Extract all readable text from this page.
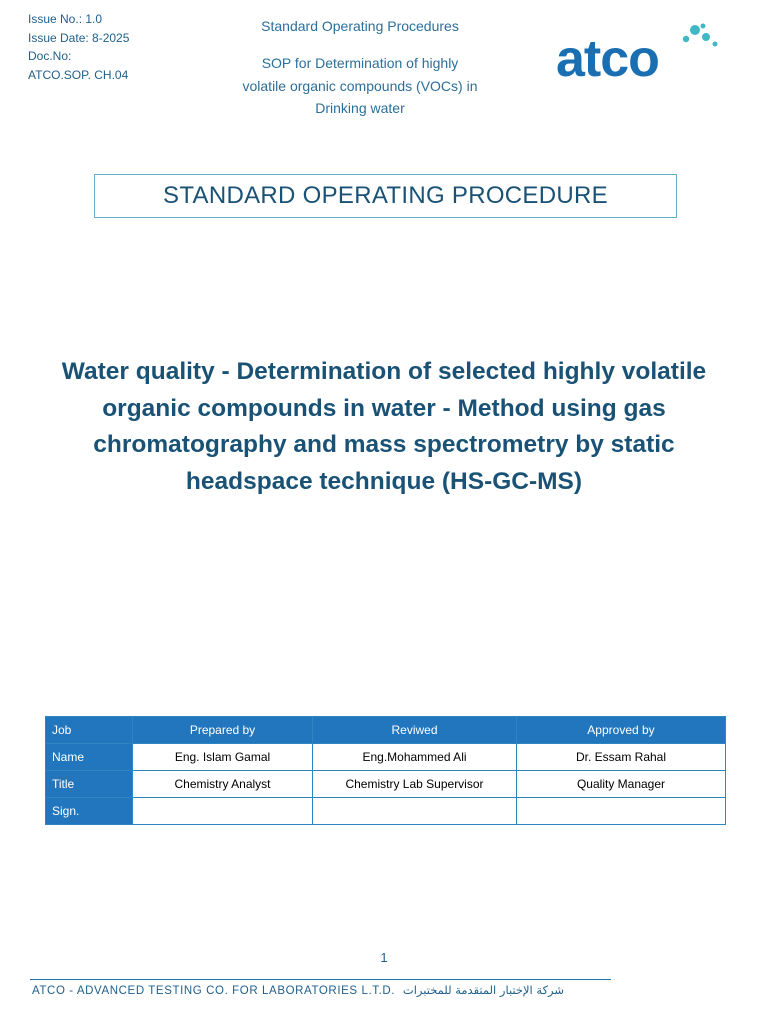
Issue No.: 1.0
Issue Date: 8-2025
Doc.No:
ATCO.SOP. CH.04
Standard Operating Procedures
SOP for Determination of highly
volatile organic compounds (VOCs) in
Drinking water
atco
STANDARD OPERATING PROCEDURE
Water quality - Determination of selected highly volatile
organic compounds in water - Method using gas
chromatography and mass spectrometry by static
headspace technique (HS-GC-MS)
Job	Prepared by	Reviwed	Approved by
Name	Eng. Islam Gamal	Eng.Mohammed Ali	Dr. Essam Rahal
Title	Chemistry Analyst	Chemistry Lab Supervisor	Quality Manager
Sign.			
1
ATCO - ADVANCED TESTING CO. FOR LABORATORIES L.T.D. شركة الإختبار المتقدمة للمختبرات
